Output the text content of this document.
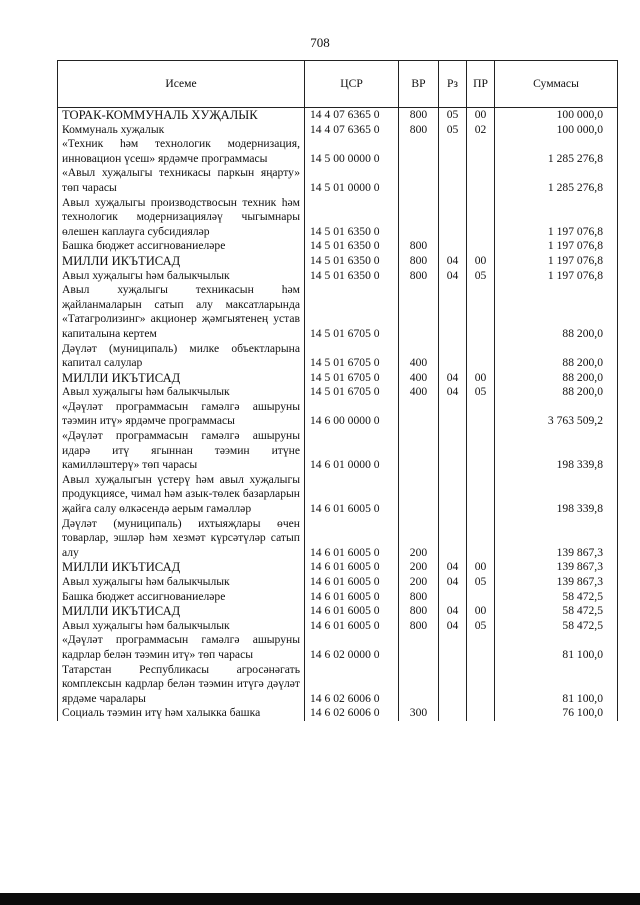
708
Исеме	ЦСР	ВР	Рз	ПР	Суммасы
ТОРАК-КОММУНАЛЬ ХУҖАЛЫК	14 4 07 6365 0	800	05	00	100 000,0
Коммуналь хуҗалык	14 4 07 6365 0	800	05	02	100 000,0
«Техник һәм технологик модернизация, инновацион үсеш» ярдәмче программасы	14 5 00 0000 0				1 285 276,8
«Авыл хуҗалыгы техникасы паркын яңарту» төп чарасы	14 5 01 0000 0				1 285 276,8
Авыл хуҗалыгы производствосын техник һәм технологик модернизацияләү чыгымнары өлешен каплауга субсидияләр	14 5 01 6350 0				1 197 076,8
Башка бюджет ассигнованиеләре	14 5 01 6350 0	800			1 197 076,8
МИЛЛИ ИКЪТИСАД	14 5 01 6350 0	800	04	00	1 197 076,8
Авыл хуҗалыгы һәм балыкчылык	14 5 01 6350 0	800	04	05	1 197 076,8
Авыл хуҗалыгы техникасын һәм җайланмаларын сатып алу максатларында «Татагролизинг» акционер җәмгыятенең устав капиталына кертем	14 5 01 6705 0				88 200,0
Дәүләт (муниципаль) милке объектларына капитал салулар	14 5 01 6705 0	400			88 200,0
МИЛЛИ ИКЪТИСАД	14 5 01 6705 0	400	04	00	88 200,0
Авыл хуҗалыгы һәм балыкчылык	14 5 01 6705 0	400	04	05	88 200,0
«Дәүләт программасын гамәлгә ашыруны тәэмин итү» ярдәмче программасы	14 6 00 0000 0				3 763 509,2
«Дәүләт программасын гамәлгә ашыруны идарә итү ягыннан тәэмин итүне камилләштерү» төп чарасы	14 6 01 0000 0				198 339,8
Авыл хуҗалыгын үстерү һәм авыл хуҗалыгы продукциясе, чимал һәм азык-төлек базарларын җайга салу өлкәсендә аерым гамәлләр	14 6 01 6005 0				198 339,8
Дәүләт (муниципаль) ихтыяҗлары өчен товарлар, эшләр һәм хезмәт күрсәтүләр сатып алу	14 6 01 6005 0	200			139 867,3
МИЛЛИ ИКЪТИСАД	14 6 01 6005 0	200	04	00	139 867,3
Авыл хуҗалыгы һәм балыкчылык	14 6 01 6005 0	200	04	05	139 867,3
Башка бюджет ассигнованиеләре	14 6 01 6005 0	800			58 472,5
МИЛЛИ ИКЪТИСАД	14 6 01 6005 0	800	04	00	58 472,5
Авыл хуҗалыгы һәм балыкчылык	14 6 01 6005 0	800	04	05	58 472,5
«Дәүләт программасын гамәлгә ашыруны кадрлар белән тәэмин итү» төп чарасы	14 6 02 0000 0				81 100,0
Татарстан Республикасы агросәнәгать комплексын кадрлар белән тәэмин итүгә дәүләт ярдәме чаралары	14 6 02 6006 0				81 100,0
Социаль тәэмин итү һәм халыкка башка	14 6 02 6006 0	300			76 100,0
